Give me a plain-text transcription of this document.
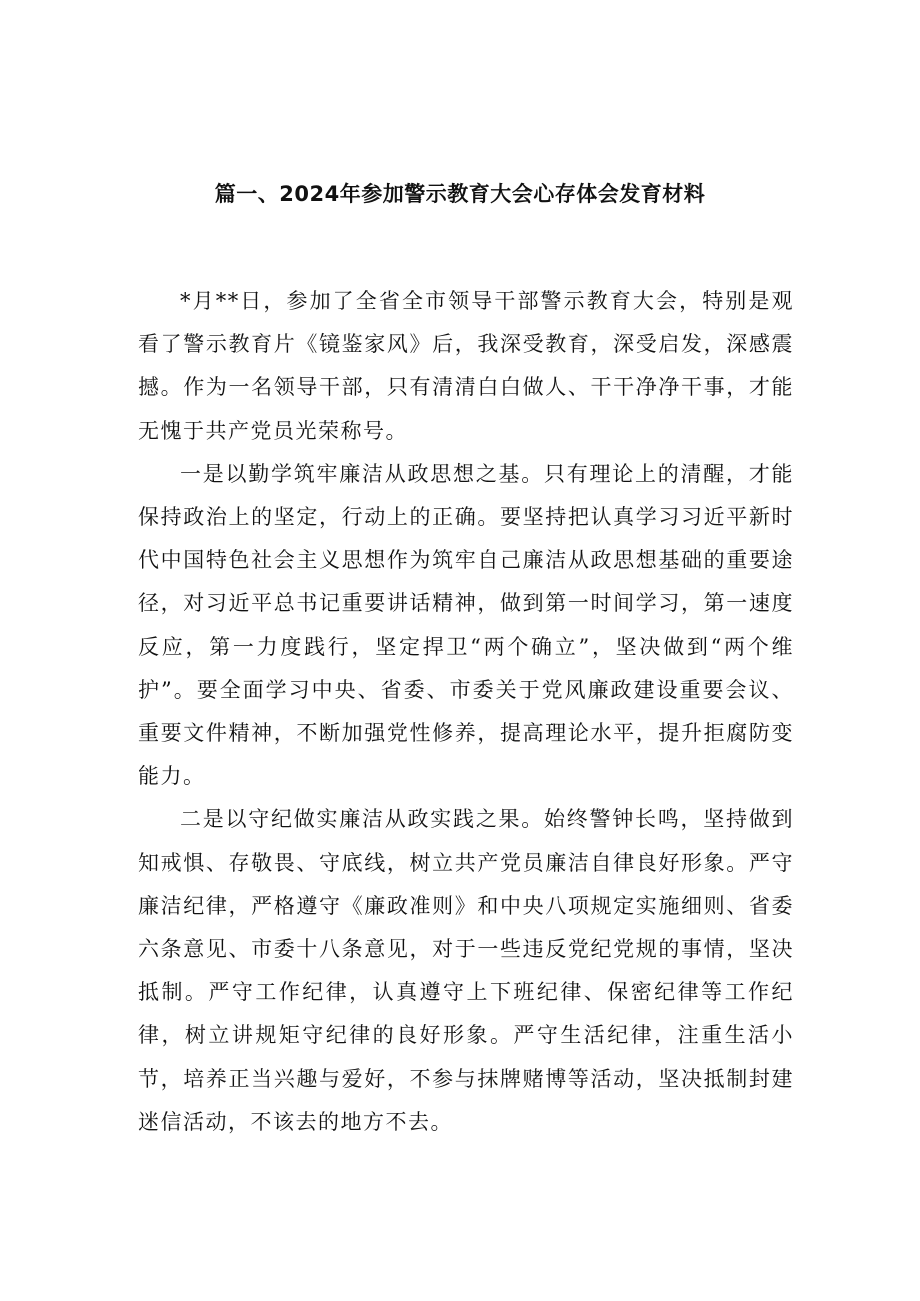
篇一、2024年参加警示教育大会心存体会发育材料

*月**日，参加了全省全市领导干部警示教育大会，特别是观看了警示教育片《镜鉴家风》后，我深受教育，深受启发，深感震撼。作为一名领导干部，只有清清白白做人、干干净净干事，才能无愧于共产党员光荣称号。

一是以勤学筑牢廉洁从政思想之基。只有理论上的清醒，才能保持政治上的坚定，行动上的正确。要坚持把认真学习习近平新时代中国特色社会主义思想作为筑牢自己廉洁从政思想基础的重要途径，对习近平总书记重要讲话精神，做到第一时间学习，第一速度反应，第一力度践行，坚定捍卫“两个确立”，坚决做到“两个维护”。要全面学习中央、省委、市委关于党风廉政建设重要会议、重要文件精神，不断加强党性修养，提高理论水平，提升拒腐防变能力。

二是以守纪做实廉洁从政实践之果。始终警钟长鸣，坚持做到知戒惧、存敬畏、守底线，树立共产党员廉洁自律良好形象。严守廉洁纪律，严格遵守《廉政准则》和中央八项规定实施细则、省委六条意见、市委十八条意见，对于一些违反党纪党规的事情，坚决抵制。严守工作纪律，认真遵守上下班纪律、保密纪律等工作纪律，树立讲规矩守纪律的良好形象。严守生活纪律，注重生活小节，培养正当兴趣与爱好，不参与抹牌赌博等活动，坚决抵制封建迷信活动，不该去的地方不去。
